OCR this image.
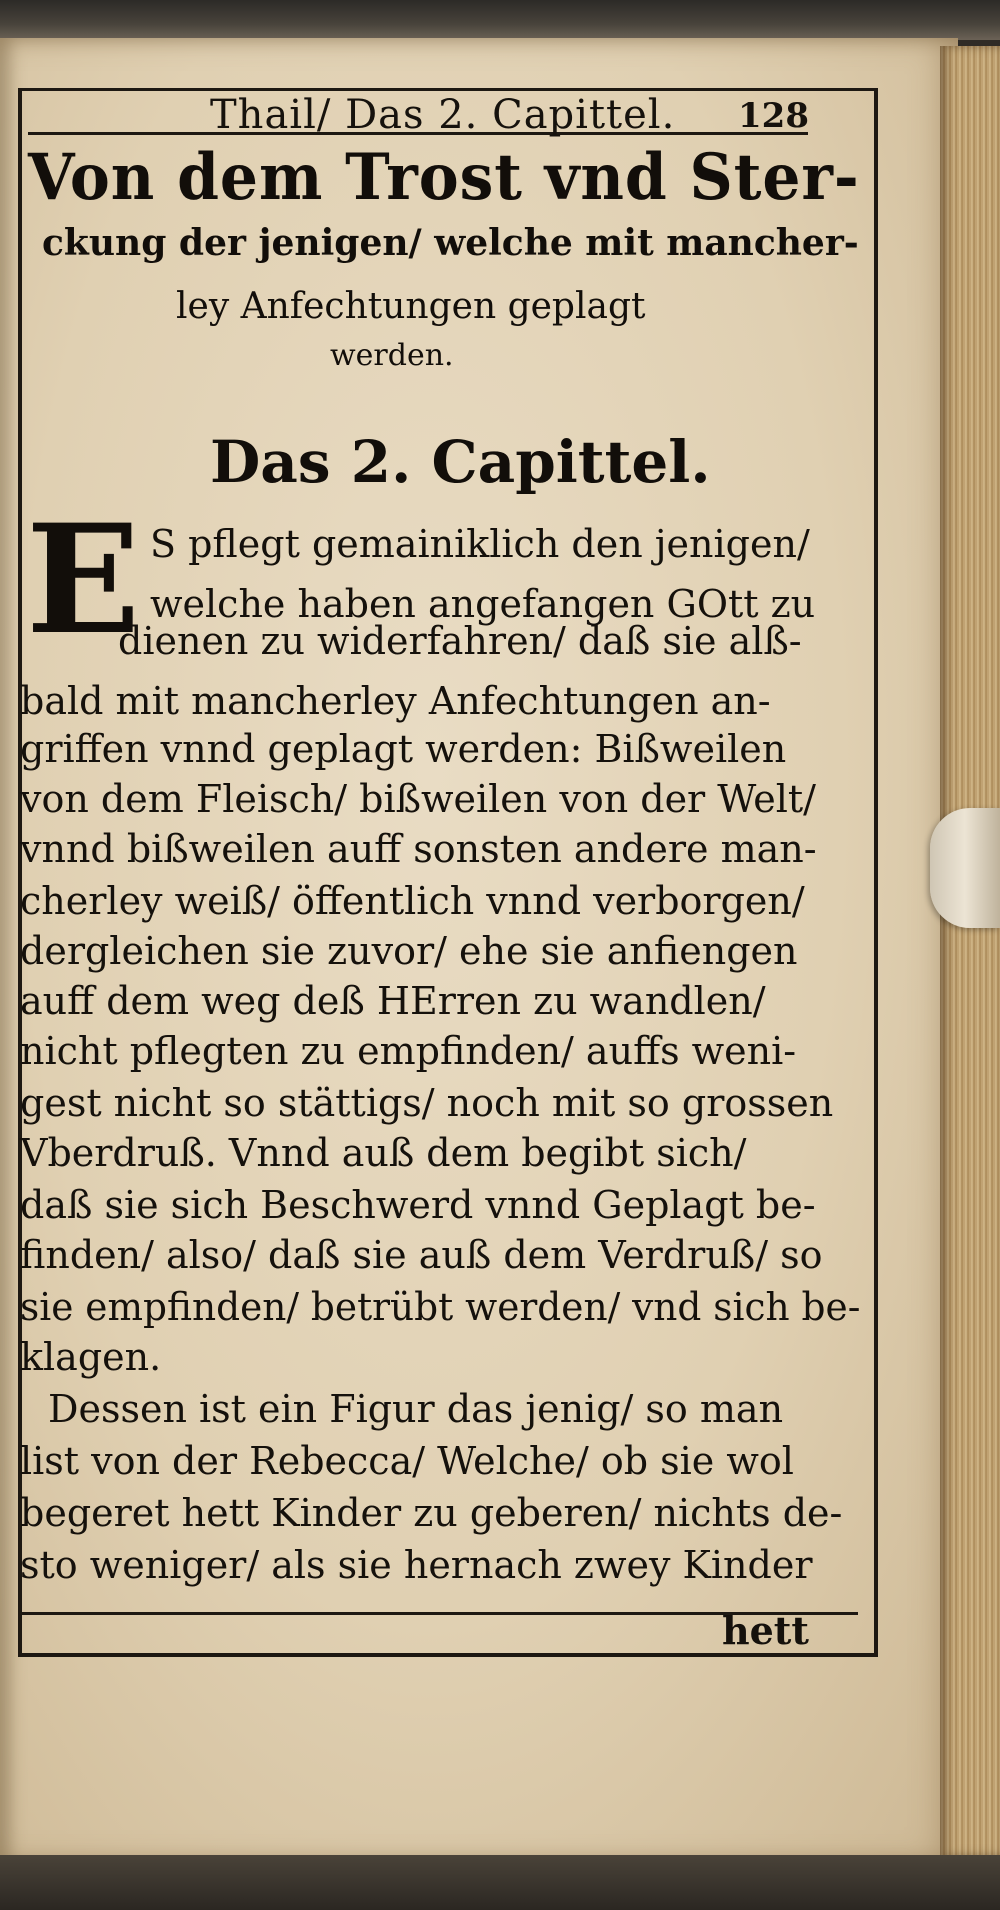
Thail/ Das 2. Capittel. 128
Von dem Trost vnd Ster-
ckung der jenigen/ welche mit mancher-
ley Anfechtungen geplagt
werden.
Das 2. Capittel.
E S pflegt gemainiklich den jenigen/
welche haben angefangen GOtt zu
dienen zu widerfahren/ daß sie alß-
bald mit mancherley Anfechtungen an-
griffen vnnd geplagt werden: Bißweilen
von dem Fleisch/ bißweilen von der Welt/
vnnd bißweilen auff sonsten andere man-
cherley weiß/ öffentlich vnnd verborgen/
dergleichen sie zuvor/ ehe sie anfiengen
auff dem weg deß HErren zu wandlen/
nicht pflegten zu empfinden/ auffs weni-
gest nicht so stättigs/ noch mit so grossen
Vberdruß. Vnnd auß dem begibt sich/
daß sie sich Beschwerd vnnd Geplagt be-
finden/ also/ daß sie auß dem Verdruß/ so
sie empfinden/ betrübt werden/ vnd sich be-
klagen.
Dessen ist ein Figur das jenig/ so man
list von der Rebecca/ Welche/ ob sie wol
begeret hett Kinder zu geberen/ nichts de-
sto weniger/ als sie hernach zwey Kinder
hett
